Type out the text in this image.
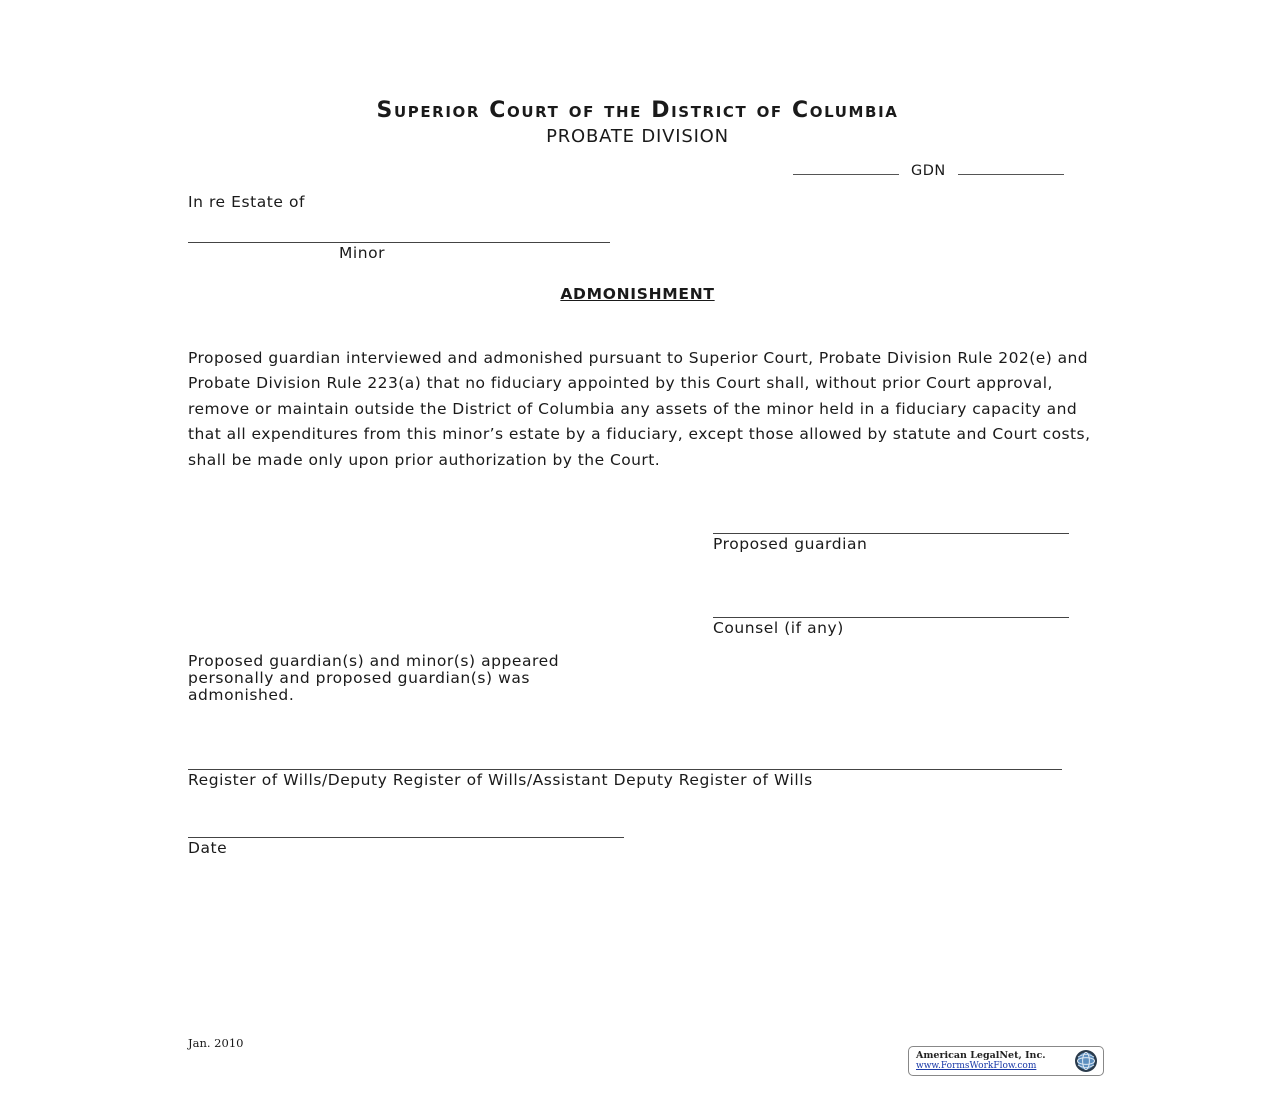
Superior Court of the District of Columbia
PROBATE DIVISION
GDN
In re Estate of
Minor
ADMONISHMENT
Proposed guardian interviewed and admonished pursuant to Superior Court, Probate Division Rule 202(e) and Probate Division Rule 223(a) that no fiduciary appointed by this Court shall, without prior Court approval, remove or maintain outside the District of Columbia any assets of the minor held in a fiduciary capacity and that all expenditures from this minor’s estate by a fiduciary, except those allowed by statute and Court costs, shall be made only upon prior authorization by the Court.
Proposed guardian
Counsel (if any)
Proposed guardian(s) and minor(s) appeared personally and proposed guardian(s) was admonished.
Register of Wills/Deputy Register of Wills/Assistant Deputy Register of Wills
Date
Jan. 2010
American LegalNet, Inc.
www.FormsWorkFlow.com
